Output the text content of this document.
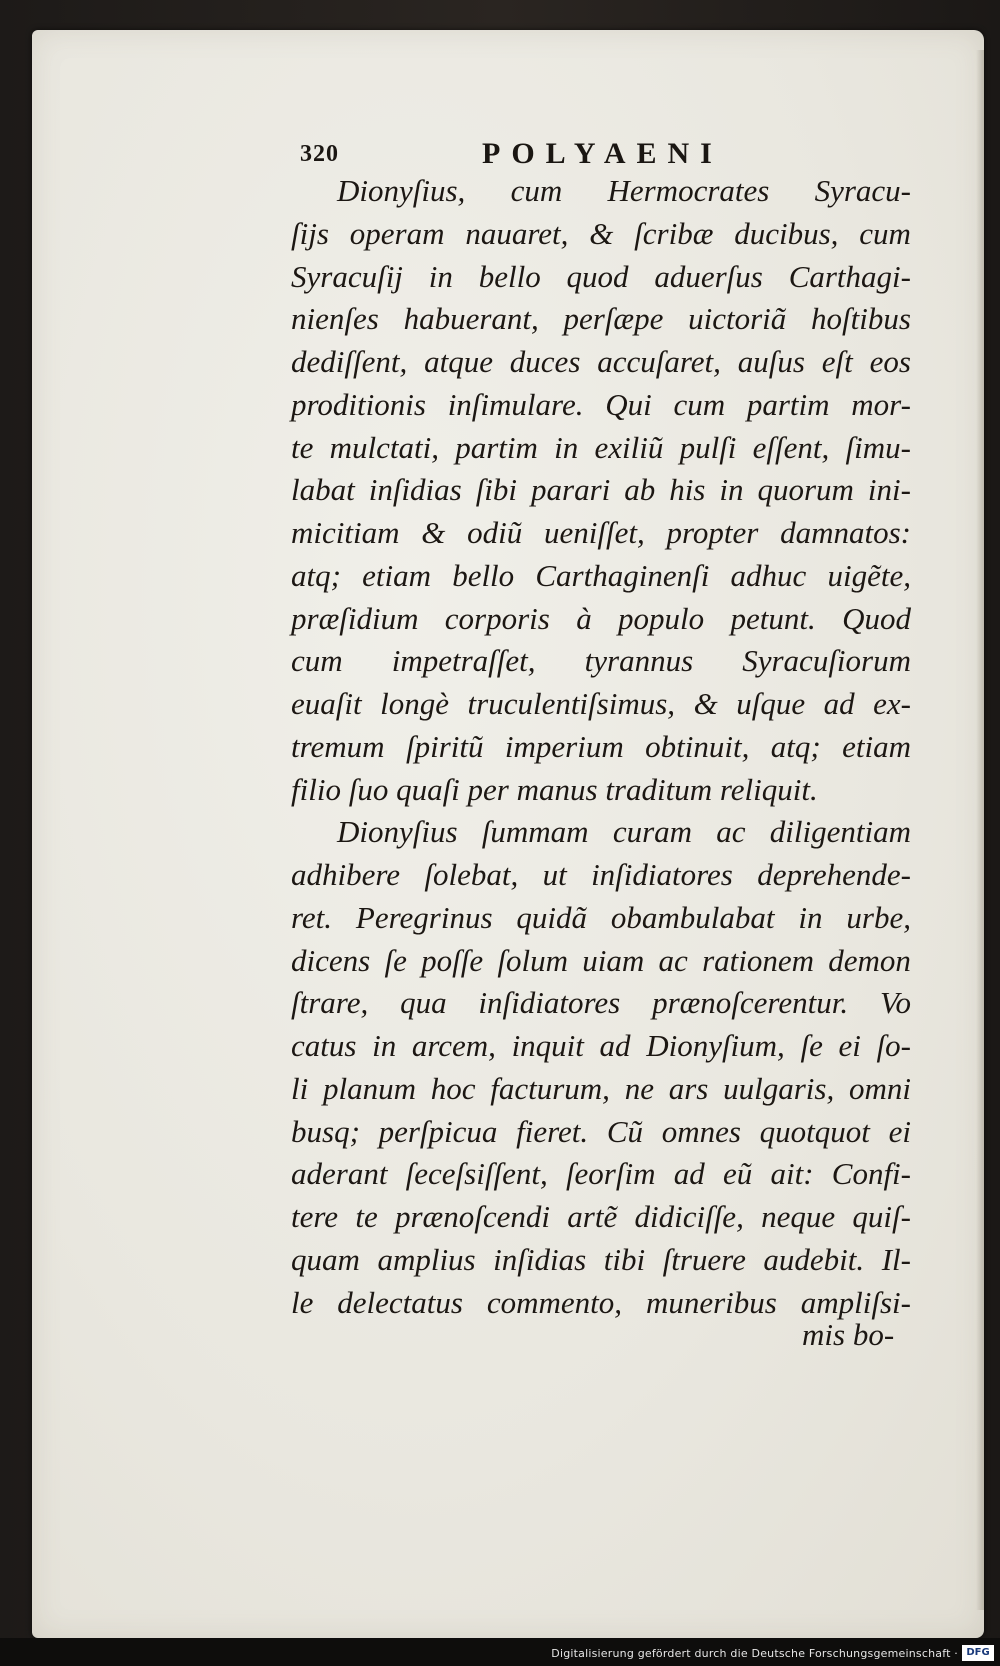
320	POLYAENI
Dionyſius, cum Hermocrates Syracu-
ſijs operam nauaret, & ſcribæ ducibus, cum
Syracuſij in bello quod aduerſus Carthagi-
nienſes habuerant, perſæpe uictoriã hoſtibus
dediſſent, atque duces accuſaret, auſus eſt eos
proditionis inſimulare. Qui cum partim mor-
te mulctati, partim in exiliũ pulſi eſſent, ſimu-
labat inſidias ſibi parari ab his in quorum ini-
micitiam & odiũ ueniſſet, propter damnatos:
atq; etiam bello Carthaginenſi adhuc uigẽte,
præſidium corporis à populo petunt. Quod
cum impetraſſet, tyrannus Syracuſiorum
euaſit longè truculentiſsimus, & uſque ad ex-
tremum ſpiritũ imperium obtinuit, atq; etiam
filio ſuo quaſi per manus traditum reliquit.
Dionyſius ſummam curam ac diligentiam
adhibere ſolebat, ut inſidiatores deprehende-
ret. Peregrinus quidã obambulabat in urbe,
dicens ſe poſſe ſolum uiam ac rationem demon
ſtrare, qua inſidiatores prænoſcerentur. Vo
catus in arcem, inquit ad Dionyſium, ſe ei ſo-
li planum hoc facturum, ne ars uulgaris, omni
busq; perſpicua fieret. Cũ omnes quotquot ei
aderant ſeceſsiſſent, ſeorſim ad eũ ait: Confi-
tere te prænoſcendi artẽ didiciſſe, neque quiſ-
quam amplius inſidias tibi ſtruere audebit. Il-
le delectatus commento, muneribus ampliſsi-
mis bo-
Digitalisierung gefördert durch die Deutsche Forschungsgemeinschaft · DFG
